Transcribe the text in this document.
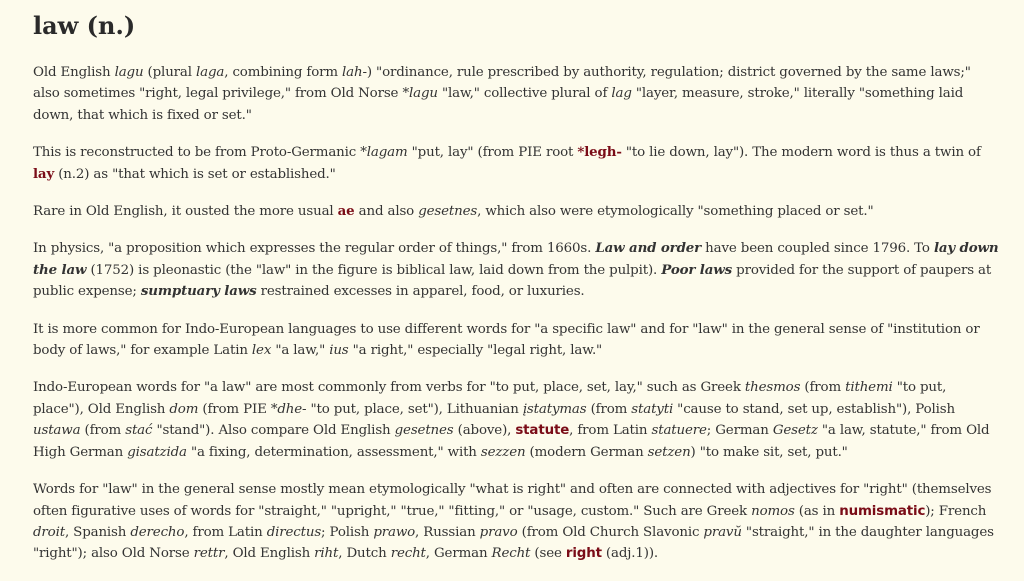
law (n.)

Old English lagu (plural laga, combining form lah-) "ordinance, rule prescribed by authority, regulation; district governed by the same laws;" also sometimes "right, legal privilege," from Old Norse *lagu "law," collective plural of lag "layer, measure, stroke," literally "something laid down, that which is fixed or set."

This is reconstructed to be from Proto-Germanic *lagam "put, lay" (from PIE root *legh- "to lie down, lay"). The modern word is thus a twin of lay (n.2) as "that which is set or established."

Rare in Old English, it ousted the more usual ae and also gesetnes, which also were etymologically "something placed or set."

In physics, "a proposition which expresses the regular order of things," from 1660s. Law and order have been coupled since 1796. To lay down the law (1752) is pleonastic (the "law" in the figure is biblical law, laid down from the pulpit). Poor laws provided for the support of paupers at public expense; sumptuary laws restrained excesses in apparel, food, or luxuries.

It is more common for Indo-European languages to use different words for "a specific law" and for "law" in the general sense of "institution or body of laws," for example Latin lex "a law," ius "a right," especially "legal right, law."

Indo-European words for "a law" are most commonly from verbs for "to put, place, set, lay," such as Greek thesmos (from tithemi "to put, place"), Old English dom (from PIE *dhe- "to put, place, set"), Lithuanian įstatymas (from statyti "cause to stand, set up, establish"), Polish ustawa (from stać "stand"). Also compare Old English gesetnes (above), statute, from Latin statuere; German Gesetz "a law, statute," from Old High German gisatzida "a fixing, determination, assessment," with sezzen (modern German setzen) "to make sit, set, put."

Words for "law" in the general sense mostly mean etymologically "what is right" and often are connected with adjectives for "right" (themselves often figurative uses of words for "straight," "upright," "true," "fitting," or "usage, custom." Such are Greek nomos (as in numismatic); French droit, Spanish derecho, from Latin directus; Polish prawo, Russian pravo (from Old Church Slavonic pravŭ "straight," in the daughter languages "right"); also Old Norse rettr, Old English riht, Dutch recht, German Recht (see right (adj.1)).
